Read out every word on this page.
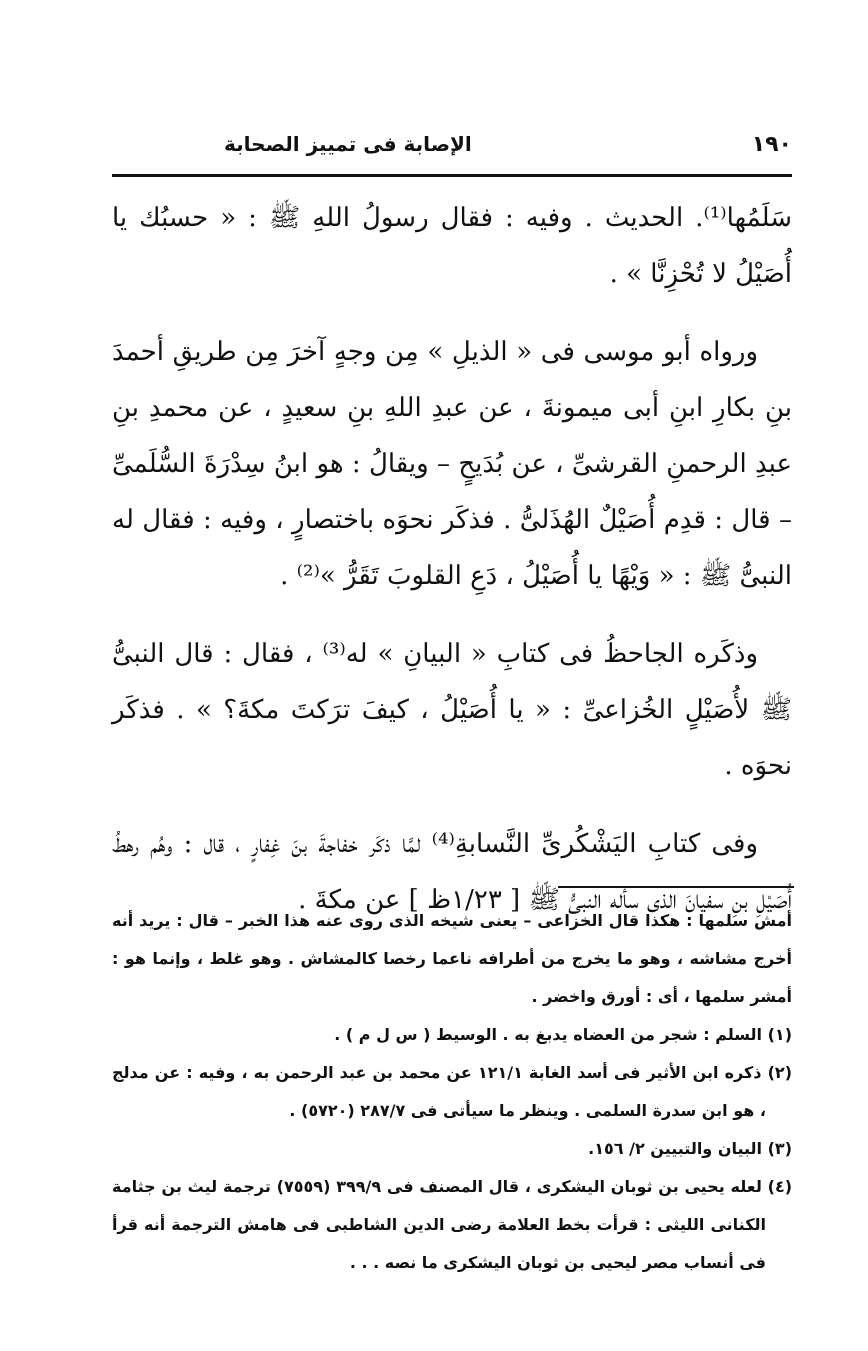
١٩٠
الإصابة فى تمييز الصحابة

سَلَمُها⁽¹⁾. الحديث . وفيه : فقال رسولُ اللهِ ﷺ : « حسبُك يا أُصَيْلُ لا تُحْزِنَّا » .

ورواه أبو موسى فى « الذيلِ » مِن وجهٍ آخرَ مِن طريقِ أحمدَ بنِ بكارِ ابنِ أبى ميمونةَ ، عن عبدِ اللهِ بنِ سعيدٍ ، عن محمدِ بنِ عبدِ الرحمنِ القرشىِّ ، عن بُدَيحٍ – ويقالُ : هو ابنُ سِدْرَةَ السُّلَمىِّ – قال : قدِم أُصَيْلٌ الهُذَلىُّ . فذكَر نحوَه باختصارٍ ، وفيه : فقال له النبىُّ ﷺ : « وَيْهًا يا أُصَيْلُ ، دَعِ القلوبَ تَقَرُّ »⁽²⁾ .

وذكَره الجاحظُ فى كتابِ « البيانِ » له⁽³⁾ ، فقال : قال النبىُّ ﷺ لأُصَيْلٍ الخُزاعىِّ : « يا أُصَيْلُ ، كيفَ ترَكتَ مكةَ؟ » . فذكَر نحوَه .

وفى كتابِ اليَشْكُرىِّ النَّسابةِ⁽⁴⁾ لمَّا ذكَر خفاجةَ بنَ غِفارٍ ، قال : وهُم رهطُ أُصَيْلِ بنِ سفيانَ الذى سأله النبىُّ ﷺ [ ١/٢٣ظ ] عن مكةَ .

أمش سلمها : هكذا قال الخزاعى – يعنى شيخه الذى روى عنه هذا الخبر – قال : يريد أنه أخرج مشاشه ، وهو ما يخرج من أطرافه ناعما رخصا كالمشاش . وهو غلط ، وإنما هو : أمشر سلمها ، أى : أورق واخضر .

(١) السلم : شجر من العضاه يدبغ به . الوسيط ( س ل م ) .

(٢) ذكره ابن الأثير فى أسد الغابة ١٢١/١ عن محمد بن عبد الرحمن به ، وفيه : عن مدلج ، هو ابن سدرة السلمى . وينظر ما سيأتى فى ٢٨٧/٧ (٥٧٢٠) .

(٣) البيان والتبيين ٢/ ١٥٦.

(٤) لعله يحيى بن ثوبان اليشكرى ، قال المصنف فى ٣٩٩/٩ (٧٥٥٩) ترجمة ليث بن جثامة الكنانى الليثى : قرأت بخط العلامة رضى الدين الشاطبى فى هامش الترجمة أنه قرأ فى أنساب مصر ليحيى بن ثوبان اليشكرى ما نصه . . .
